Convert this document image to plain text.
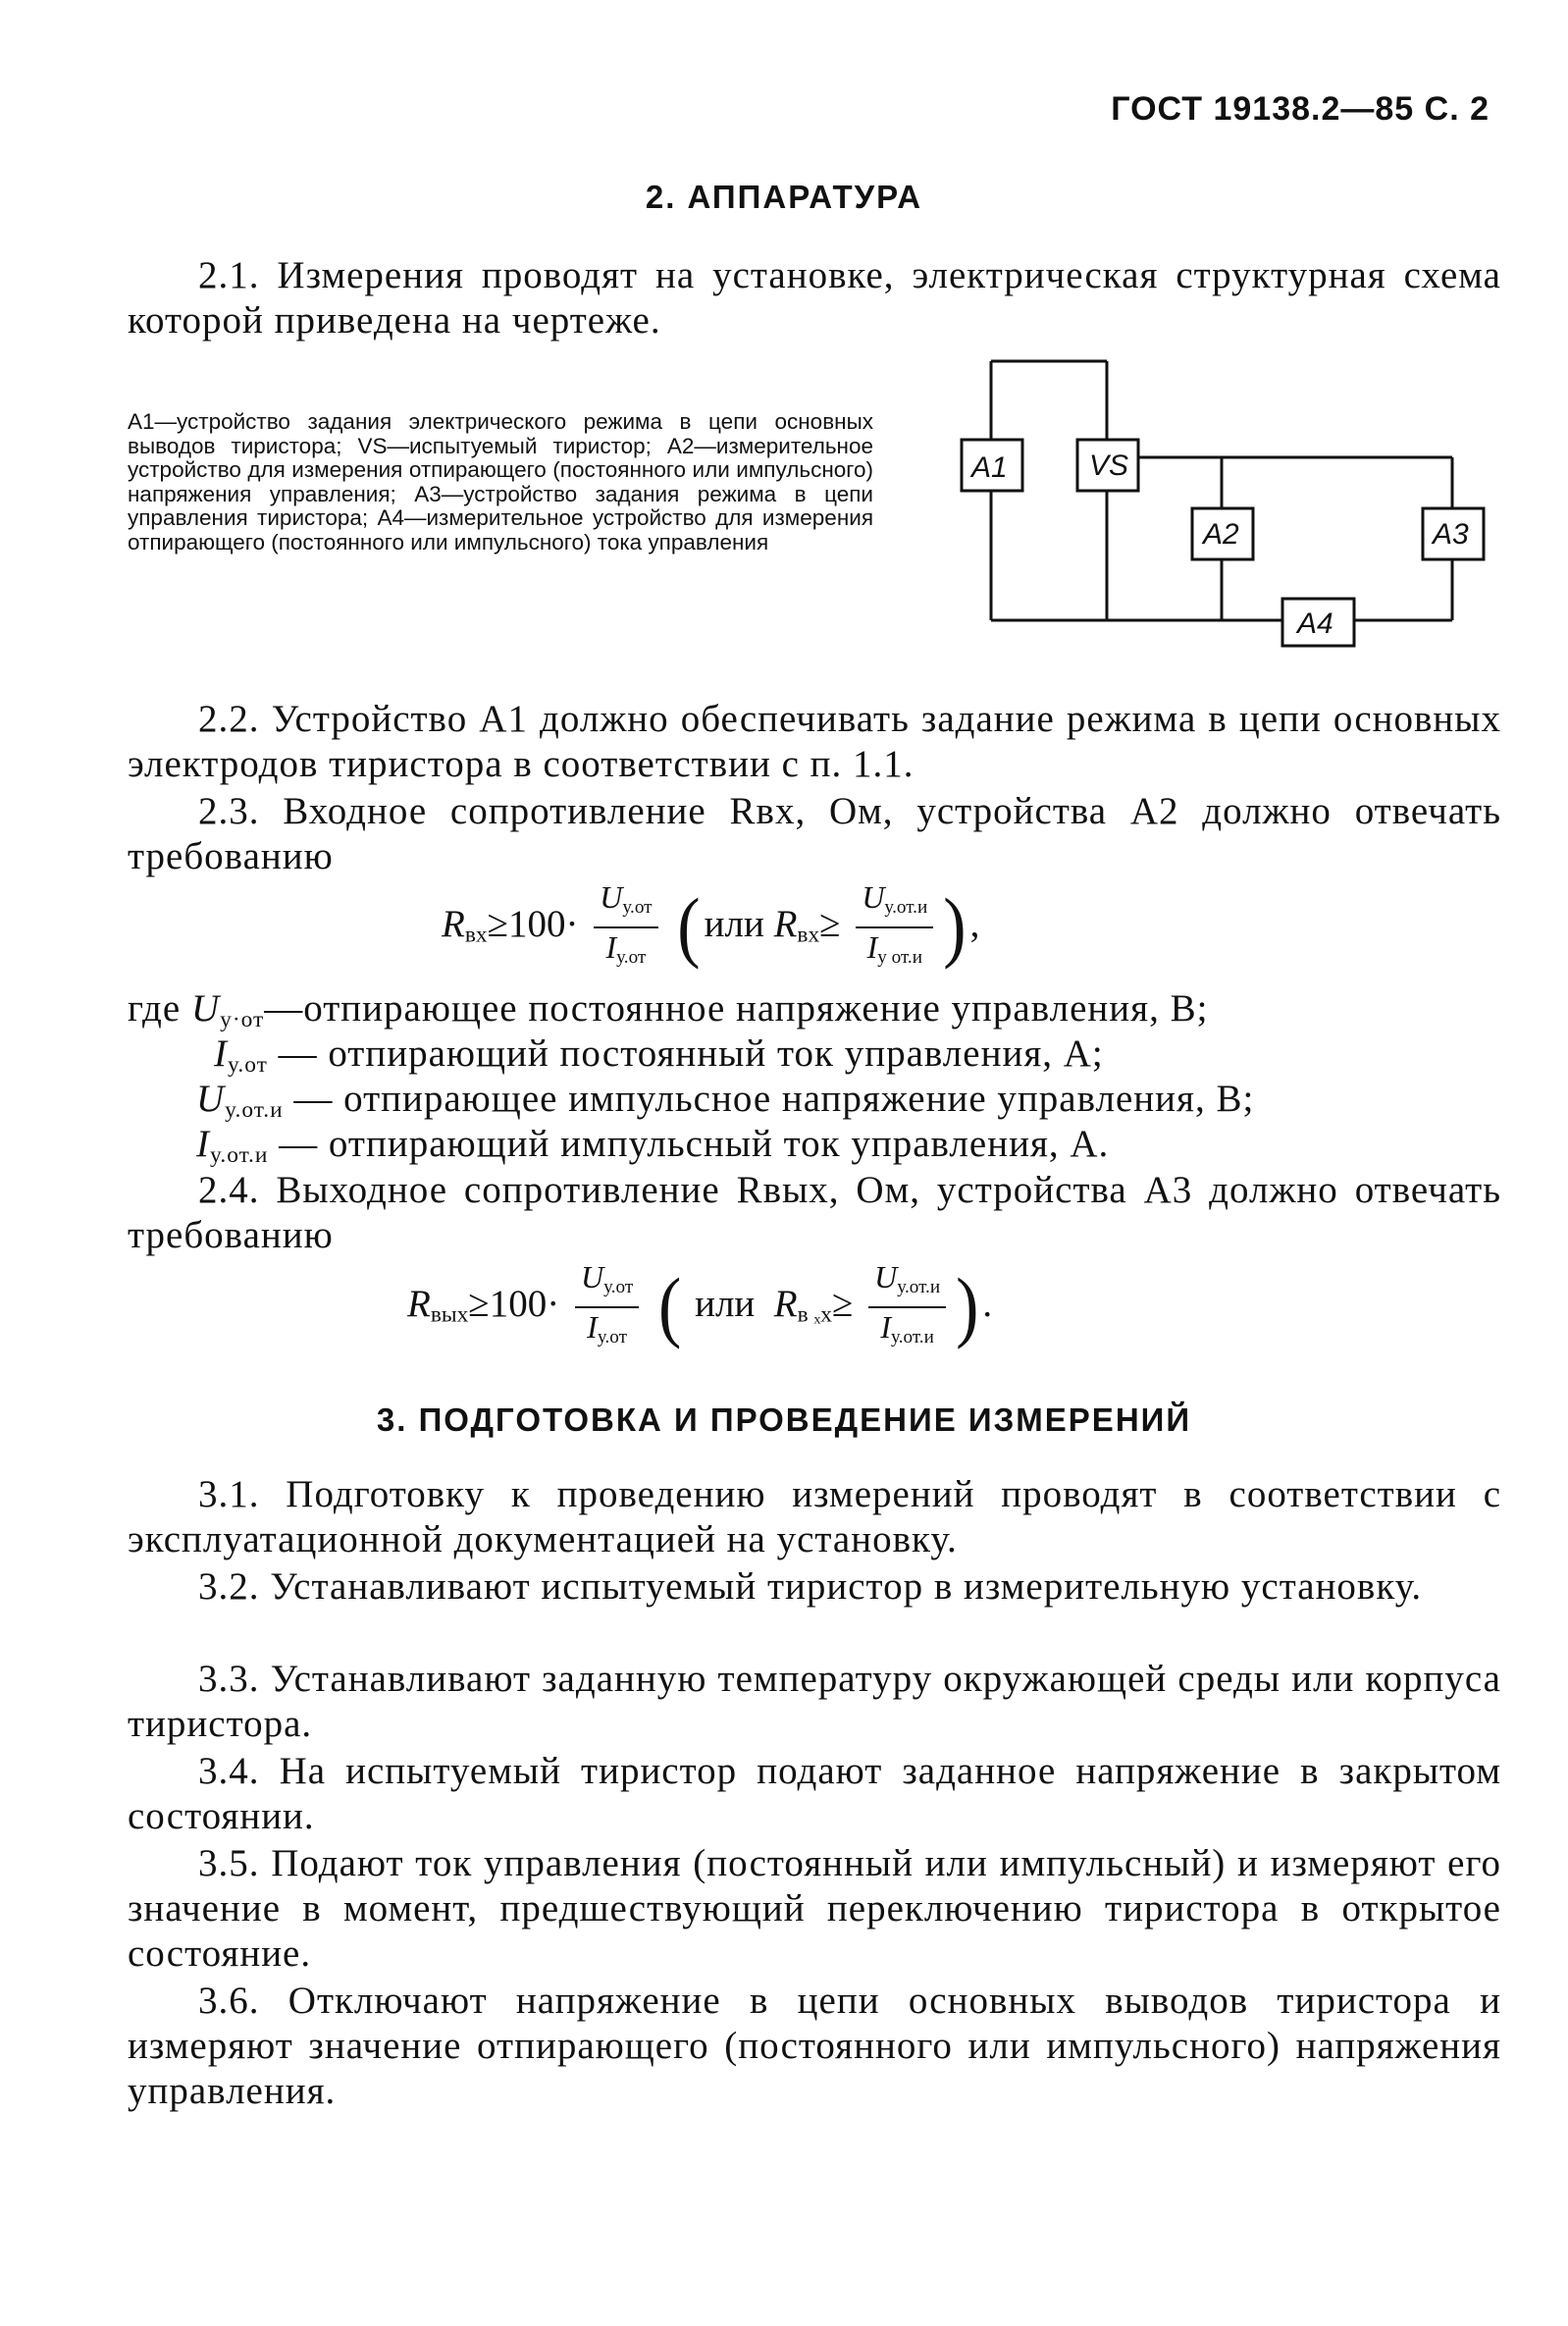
ГОСТ 19138.2—85 С. 2
2. АППАРАТУРА

2.1. Измерения проводят на установке, электрическая структурная схема которой приведена на чертеже.

A1—устройство задания электрического режима в цепи основных выводов тиристора; VS—испытуемый тиристор; A2—измерительное устройство для измерения отпирающего (постоянного или импульсного) напряжения управления; A3—устройство задания режима в цепи управления тиристора; A4—измерительное устройство для измерения отпирающего (постоянного или импульсного) тока управления

A1	VS
A2	A3
A4

2.2. Устройство A1 должно обеспечивать задание режима в цепи основных электродов тиристора в соответствии с п. 1.1.

2.3. Входное сопротивление Rвх, Ом, устройства A2 должно отвечать требованию

$R_{вх}\ge 100\cdot \frac{U_{у.от}}{I_{у.от}}$ ( или $R_{вх}\ge \frac{U_{у.от.и}}{I_{у от.и}}$ ) ,
где $U_{у\cdot от}—отпирающее$ постоянное напряжение управления, В;
$I_{у.от}$ — отпирающий постоянный ток управления, А;
$U_{у.от.и}$ — отпирающее импульсное напряжение управления, В;
$I_{у.от.и}$ — отпирающий импульсный ток управления, А.

2.4. Выходное сопротивление Rвых, Ом, устройства A3 должно отвечать требованию

$R_{вых}\ge 100\cdot \frac{U_{у.от}}{I_{у.от}}$ ( или $R_{в _xх}\ge \frac{U_{у.от.и}}{I_{у.от.и}}$ ) .
3. ПОДГОТОВКА И ПРОВЕДЕНИЕ ИЗМЕРЕНИЙ

3.1. Подготовку к проведению измерений проводят в соответствии с эксплуатационной документацией на установку.

3.2. Устанавливают испытуемый тиристор в измерительную установку.

3.3. Устанавливают заданную температуру окружающей среды или корпуса тиристора.

3.4. На испытуемый тиристор подают заданное напряжение в закрытом состоянии.

3.5. Подают ток управления (постоянный или импульсный) и измеряют его значение в момент, предшествующий переключению тиристора в открытое состояние.

3.6. Отключают напряжение в цепи основных выводов тиристора и измеряют значение отпирающего (постоянного или импульсного) напряжения управления.
